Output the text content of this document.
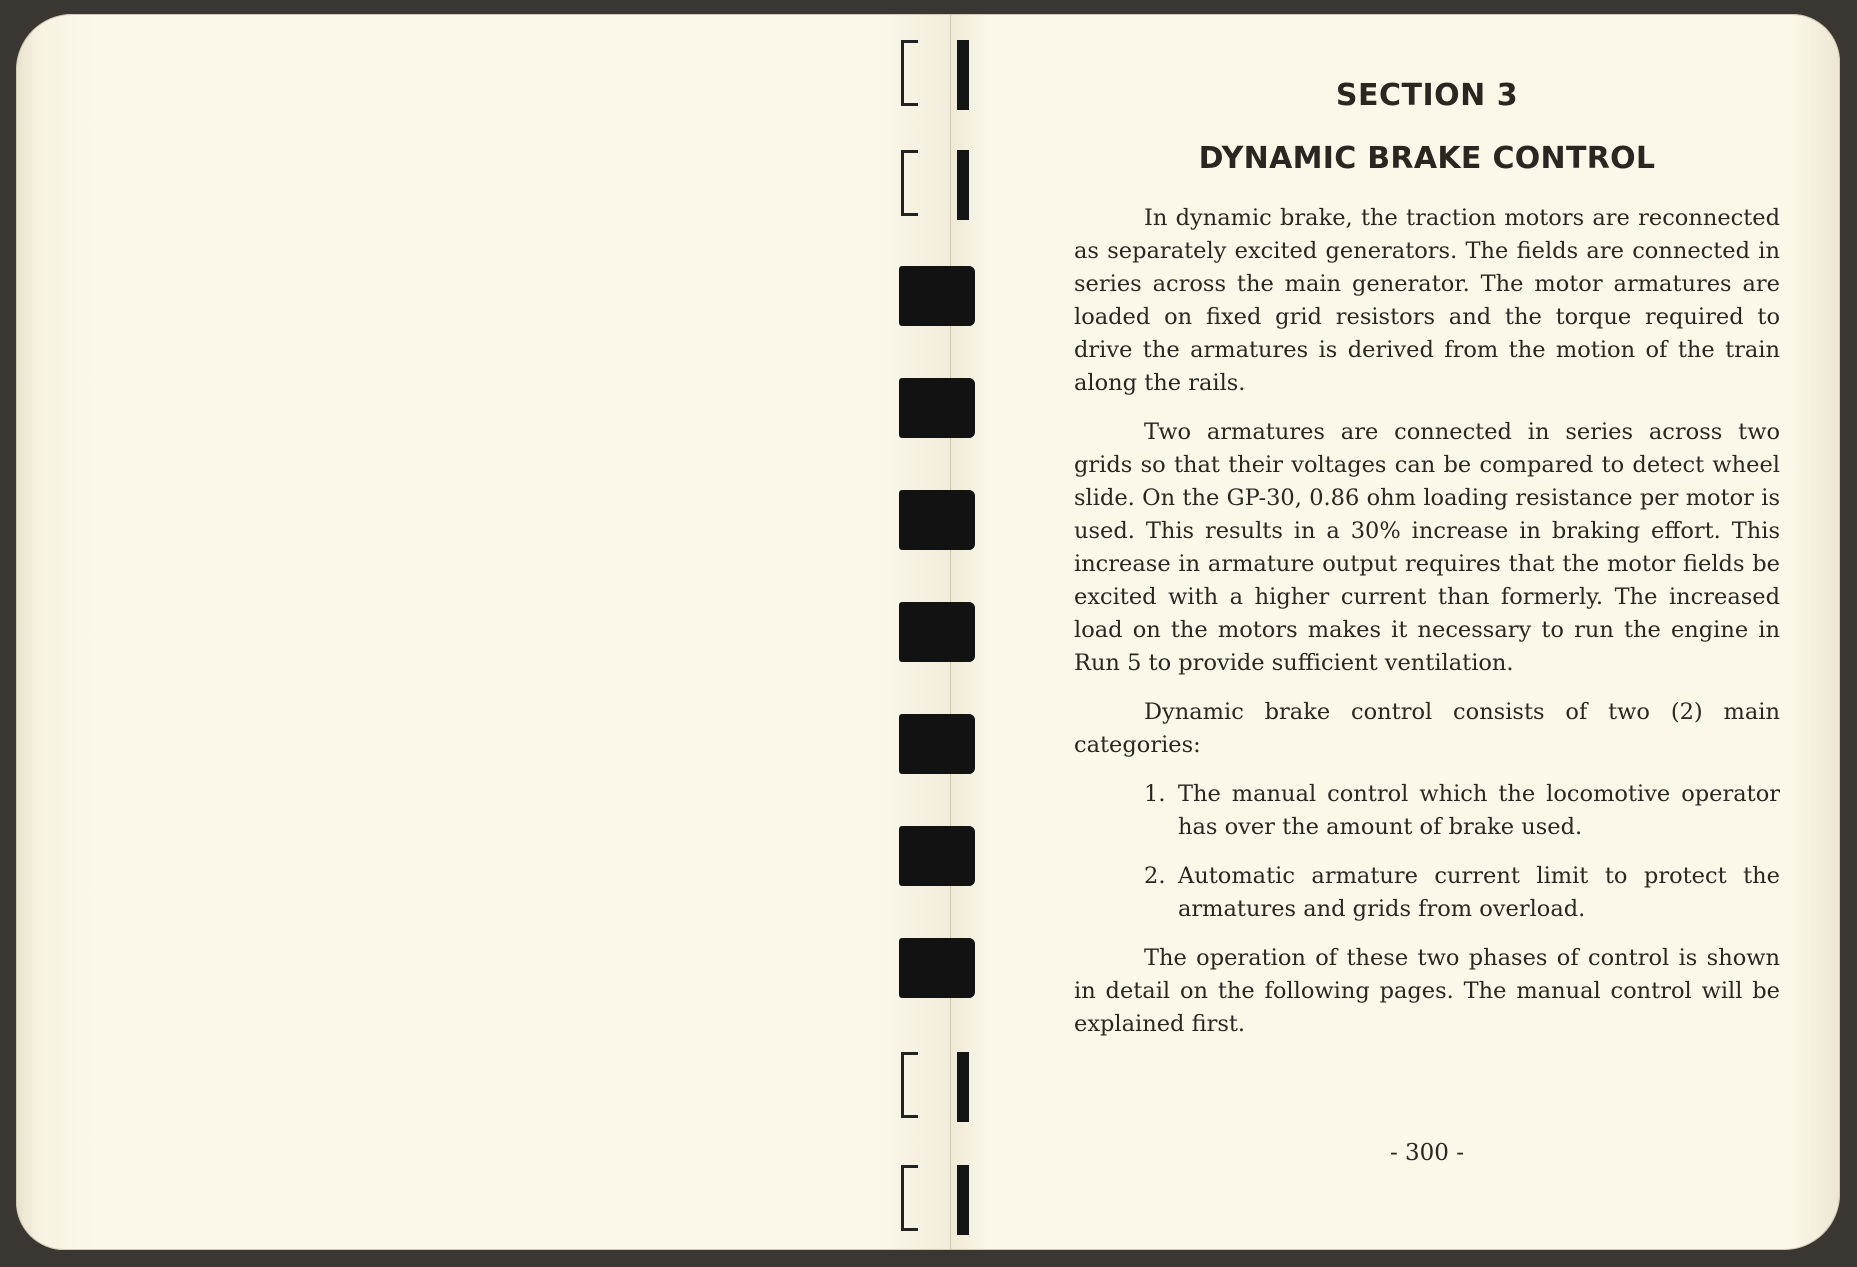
SECTION 3
DYNAMIC BRAKE CONTROL

In dynamic brake, the traction motors are reconnected as separately excited generators. The fields are connected in series across the main generator. The motor armatures are loaded on fixed grid resistors and the torque required to drive the armatures is derived from the motion of the train along the rails.

Two armatures are connected in series across two grids so that their voltages can be compared to detect wheel slide. On the GP-30, 0.86 ohm loading resistance per motor is used. This results in a 30% increase in braking effort. This increase in armature output requires that the motor fields be excited with a higher current than formerly. The increased load on the motors makes it necessary to run the engine in Run 5 to provide sufficient ventilation.

Dynamic brake control consists of two (2) main categories:

1. The manual control which the locomotive operator has over the amount of brake used.
2. Automatic armature current limit to protect the armatures and grids from overload.

The operation of these two phases of control is shown in detail on the following pages. The manual control will be explained first.

- 300 -
